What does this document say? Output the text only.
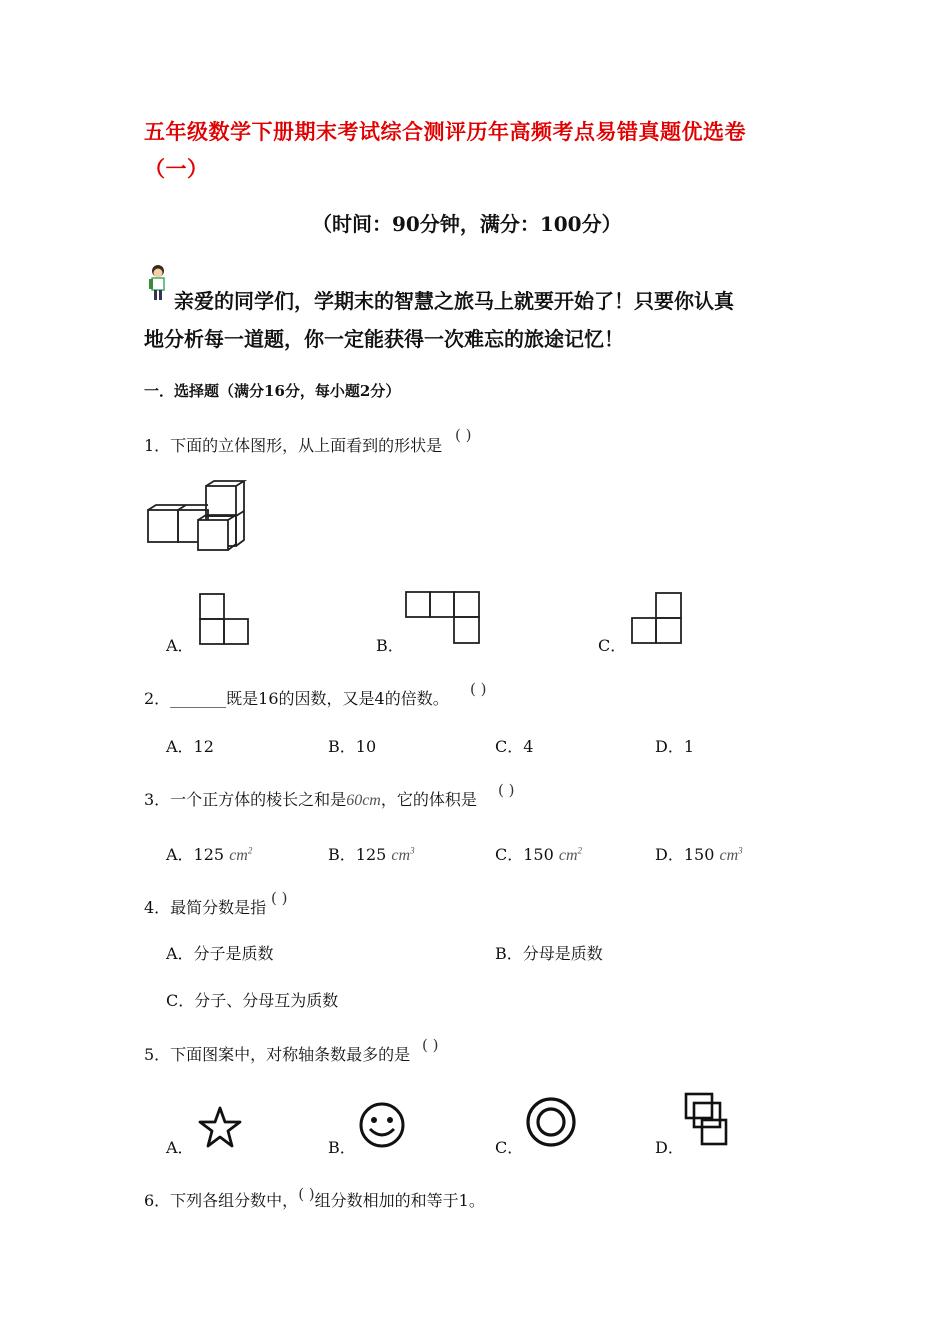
五年级数学下册期末考试综合测评历年高频考点易错真题优选卷
（一）
（时间：90分钟，满分：100分）
亲爱的同学们，学期末的智慧之旅马上就要开始了！只要你认真
地分析每一道题，你一定能获得一次难忘的旅途记忆！
一．选择题（满分16分，每小题2分）
1．下面的立体图形，从上面看到的形状是
( )
A．	B．	C．
2．_______既是16的因数，又是4的倍数。 ( )
A．12	B．10	C．4	D．1
3．一个正方体的棱长之和是60cm，它的体积是 ( )
A．125 $cm^2$	B．125 $cm^3$	C．150 $cm^2$	D．150 $cm^3$
4．最简分数是指 ( )
A．分子是质数	B．分母是质数
C．分子、分母互为质数
5．下面图案中，对称轴条数最多的是 ( )
A．	B．	C．	D．
6．下列各组分数中，( )组分数相加的和等于1。
